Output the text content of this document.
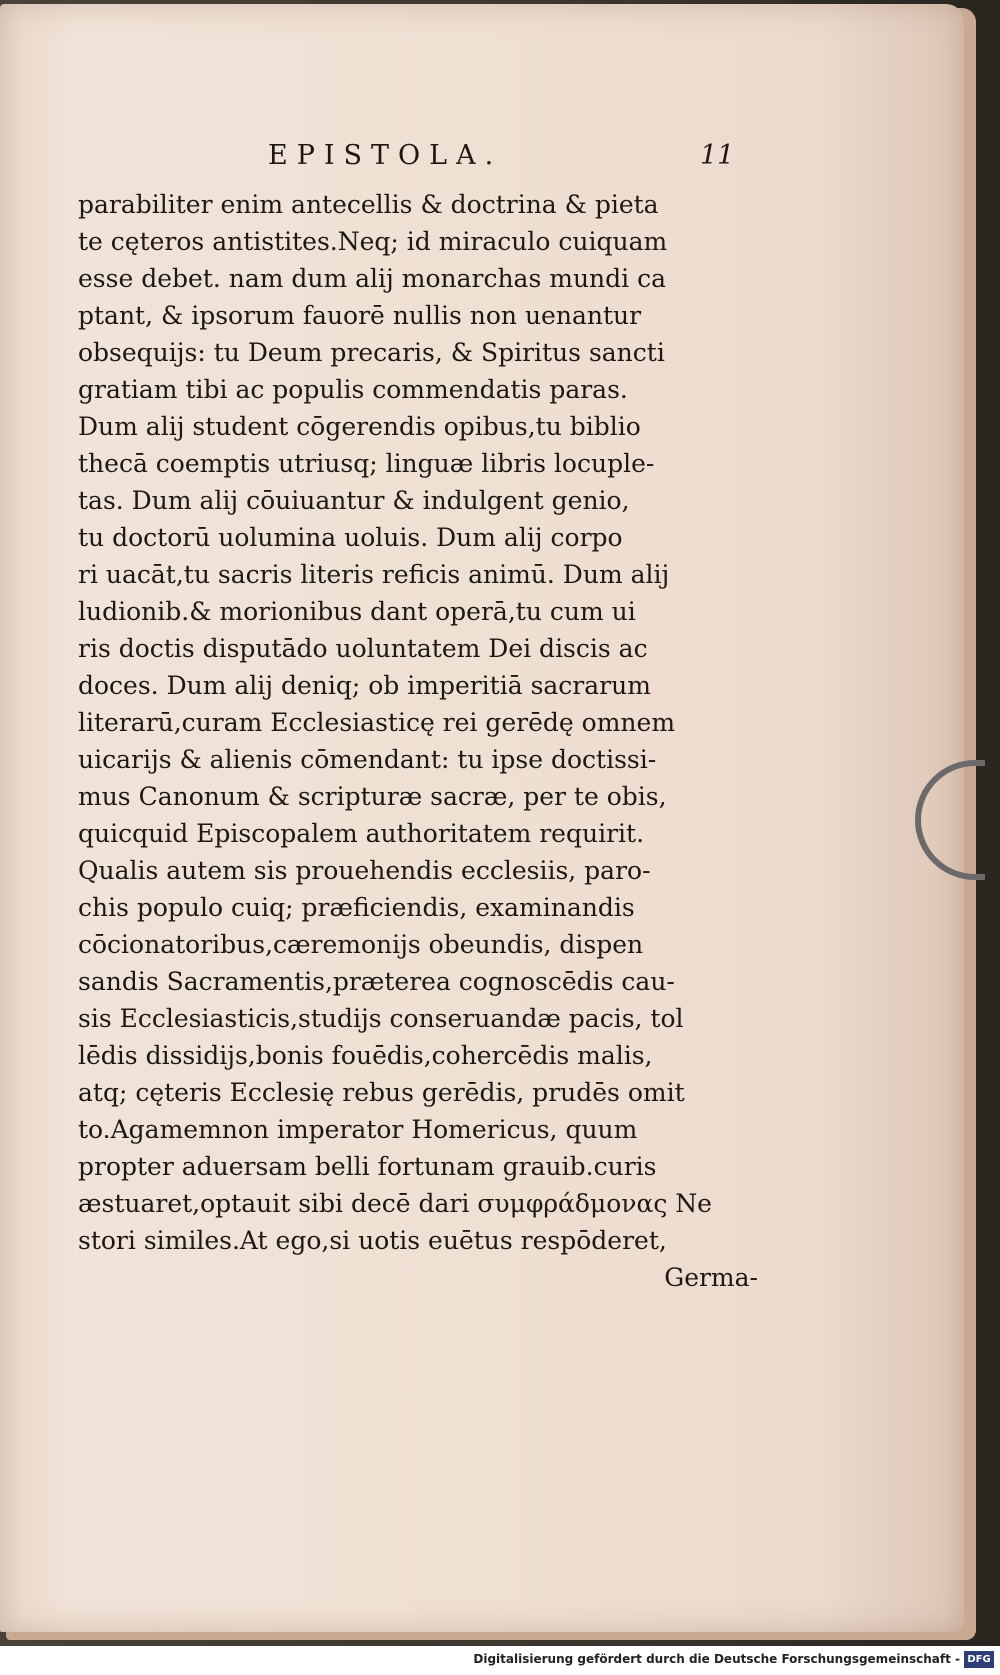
EPISTOLA.	11
parabiliter enim antecellis & doctrina & pieta
te cęteros antistites.Neq; id miraculo cuiquam
esse debet. nam dum alij monarchas mundi ca
ptant, & ipsorum fauorē nullis non uenantur
obsequijs: tu Deum precaris, & Spiritus sancti
gratiam tibi ac populis commendatis paras.
Dum alij student cōgerendis opibus,tu biblio
thecā coemptis utriusq; linguæ libris locuple-
tas. Dum alij cōuiuantur & indulgent genio,
tu doctorū uolumina uoluis. Dum alij corpo
ri uacāt,tu sacris literis reficis animū. Dum alij
ludionib.& morionibus dant operā,tu cum ui
ris doctis disputādo uoluntatem Dei discis ac
doces. Dum alij deniq; ob imperitiā sacrarum
literarū,curam Ecclesiasticę rei gerēdę omnem
uicarijs & alienis cōmendant: tu ipse doctissi-
mus Canonum & scripturæ sacræ, per te obis,
quicquid Episcopalem authoritatem requirit.
Qualis autem sis prouehendis ecclesiis, paro-
chis populo cuiq; præficiendis, examinandis
cōcionatoribus,cæremonijs obeundis, dispen
sandis Sacramentis,præterea cognoscēdis cau-
sis Ecclesiasticis,studijs conseruandæ pacis, tol
lēdis dissidijs,bonis fouēdis,cohercēdis malis,
atq; cęteris Ecclesię rebus gerēdis, prudēs omit
to.Agamemnon imperator Homericus, quum
propter aduersam belli fortunam grauib.curis
æstuaret,optauit sibi decē dari συμφράδμονας Ne
stori similes.At ego,si uotis euētus respōderet,
Germa-
Digitalisierung gefördert durch die Deutsche Forschungsgemeinschaft - DFG
